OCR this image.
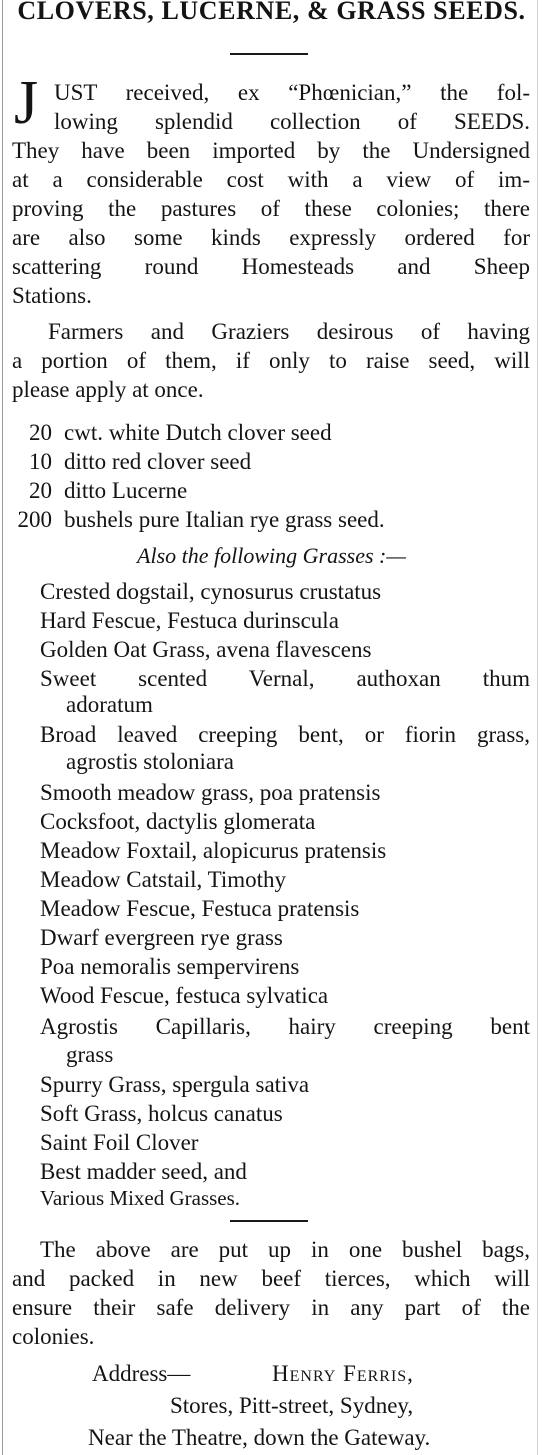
CLOVERS, LUCERNE, & GRASS SEEDS.
J UST received, ex “Phœnician,” the fol-
lowing splendid collection of SEEDS.
They have been imported by the Undersigned
at a considerable cost with a view of im-
proving the pastures of these colonies; there
are also some kinds expressly ordered for
scattering round Homesteads and Sheep
Stations.
Farmers and Graziers desirous of having
a portion of them, if only to raise seed, will
please apply at once.
20 cwt. white Dutch clover seed
10 ditto red clover seed
20 ditto Lucerne
200 bushels pure Italian rye grass seed.
Also the following Grasses :—
Crested dogstail, cynosurus crustatus
Hard Fescue, Festuca durinscula
Golden Oat Grass, avena flavescens
Sweet scented Vernal, authoxan thum
adoratum
Broad leaved creeping bent, or fiorin grass,
agrostis stoloniara
Smooth meadow grass, poa pratensis
Cocksfoot, dactylis glomerata
Meadow Foxtail, alopicurus pratensis
Meadow Catstail, Timothy
Meadow Fescue, Festuca pratensis
Dwarf evergreen rye grass
Poa nemoralis sempervirens
Wood Fescue, festuca sylvatica
Agrostis Capillaris, hairy creeping bent
grass
Spurry Grass, spergula sativa
Soft Grass, holcus canatus
Saint Foil Clover
Best madder seed, and
Various Mixed Grasses.
The above are put up in one bushel bags,
and packed in new beef tierces, which will
ensure their safe delivery in any part of the
colonies.
Address—	Henry Ferris,
Stores, Pitt-street, Sydney,
Near the Theatre, down the Gateway.
